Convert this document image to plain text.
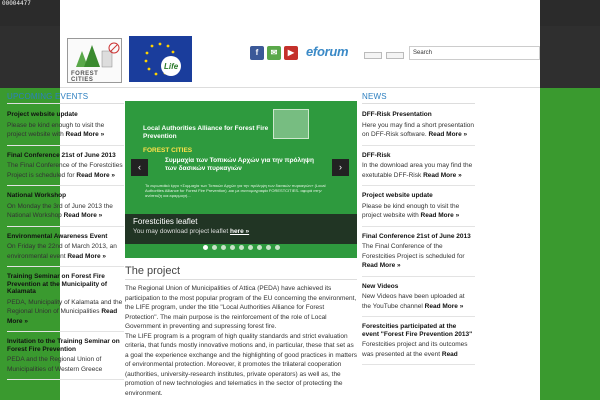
00004477
FOREST CITIES
Life
f	✉	▶ eforum	Search
UPCOMING EVENTS
Project website update
Please be kind enough to visit the project website with Read More »
Final Conference 21st of June 2013
The Final Conference of the Forestcities Project is scheduled for Read More »
National Workshop
On Monday the 3rd of June 2013 the National Workshop Read More »
Environmental Awareness Event
On Friday the 22nd of March 2013, an environmental event Read More »
Training Seminar on Forest Fire Prevention at the Municipality of Kalamata
PEDA, Municipality of Kalamata and the Regional Union of Municipalities Read More »
Invitation to the Training Seminar on Forest Fire Prevention
PEDA and the Regional Union of Municipalities of Western Greece
Local Authorities Alliance for Forest Fire Prevention
FOREST CITIES
Συμμαχία των Τοπικών Αρχών για την πρόληψη των δασικών πυρκαγιών
Το ευρωπαϊκό έργο «Συμμαχία των Τοπικών Αρχών για την πρόληψη των δασικών πυρκαγιών» (Local Authorities Alliance for Forest Fire Prevention) -και με συντομογραφία FORESTCITIES- αφορά στην ανάπτυξη και εφαρμογή...
‹	›
Forestcities leaflet
You may download project leaflet here »
The project

The Regional Union of Municipalities of Attica (PEDA) have achieved its participation to the most popular program of the EU concerning the environment, the LIFE program, under the title "Local Authorities Alliance for Forest Protection". The main purpose is the reinforcement of the role of Local Government in preventing and supressing forest fire.

The LIFE program is a program of high quality standards and strict evaluation criteria, that funds mostly innovative motions and, in particular, these that set as a goal the experience exchange and the highlighting of good practices in matters of environmental protection. Moreover, it promotes the trilateral cooperation (authorities, university-research institutes, private operators) as well as, the promotion of new technologies and telematics in the sector of protecting the environment.

NEWS
DFF-Risk Presentation
Here you may find a short presentation on DFF-Risk software. Read More »
DFF-Risk
In the download area you may find the exetutable DFF-Risk Read More »
Project website update
Please be kind enough to visit the project website with Read More »
Final Conference 21st of June 2013
The Final Conference of the Forestcities Project is scheduled for Read More »
New Videos
New Videos have been uploaded at the YouTube channel Read More »
Forestcities participated at the event "Forest Fire Prevention 2013"
Forestcities project and its outcomes was presented at the event Read
